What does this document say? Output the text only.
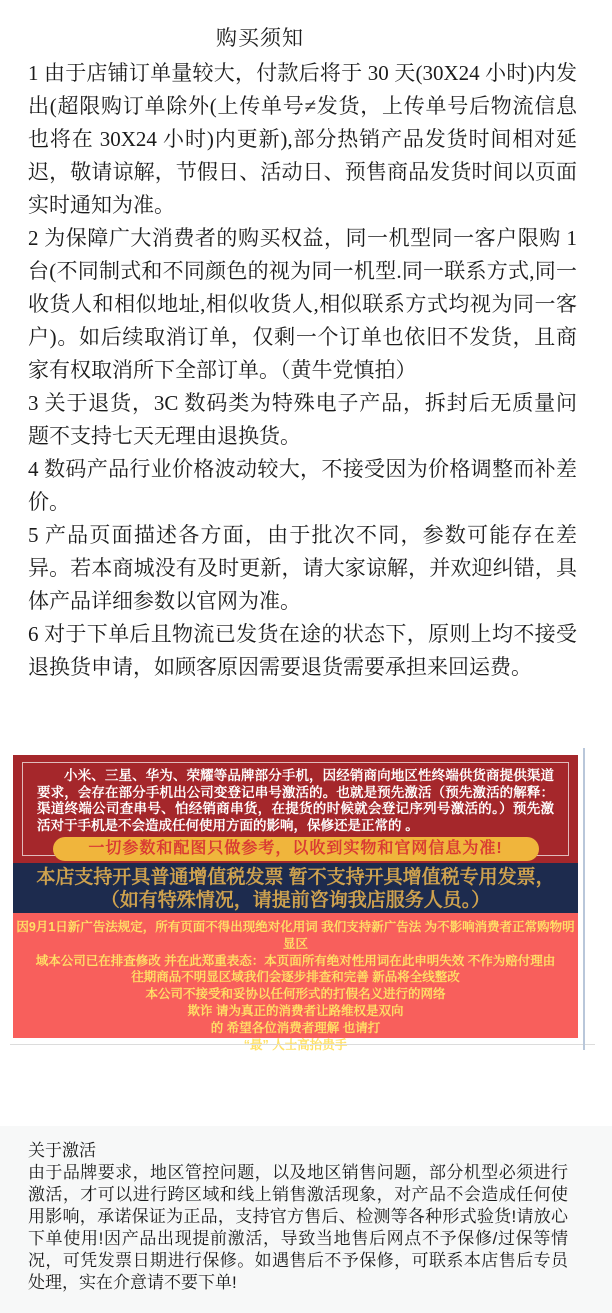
购买须知

1 由于店铺订单量较大，付款后将于 30 天(30X24 小时)内发出(超限购订单除外(上传单号≠发货，上传单号后物流信息也将在 30X24 小时)内更新),部分热销产品发货时间相对延迟，敬请谅解，节假日、活动日、预售商品发货时间以页面实时通知为准。

2 为保障广大消费者的购买权益，同一机型同一客户限购 1 台(不同制式和不同颜色的视为同一机型.同一联系方式,同一收货人和相似地址,相似收货人,相似联系方式均视为同一客户)。如后续取消订单，仅剩一个订单也依旧不发货，且商家有权取消所下全部订单。（黄牛党慎拍）

3 关于退货，3C 数码类为特殊电子产品，拆封后无质量问题不支持七天无理由退换货。

4 数码产品行业价格波动较大，不接受因为价格调整而补差价。

5 产品页面描述各方面，由于批次不同，参数可能存在差异。若本商城没有及时更新，请大家谅解，并欢迎纠错，具体产品详细参数以官网为准。

6 对于下单后且物流已发货在途的状态下，原则上均不接受退换货申请，如顾客原因需要退货需要承担来回运费。

小米、三星、华为、荣耀等品牌部分手机，因经销商向地区性终端供货商提供渠道要求，会存在部分手机出公司变登记串号激活的。也就是预先激活（预先激活的解释：渠道终端公司查串号、怕经销商串货，在提货的时候就会登记序列号激活的。）预先激活对于手机是不会造成任何使用方面的影响，保修还是正常的 。

一切参数和配图只做参考，以收到实物和官网信息为准!
本店支持开具普通增值税发票 暂不支持开具增值税专用发票，
（如有特殊情况，请提前咨询我店服务人员。）
因9月1日新广告法规定，所有页面不得出现绝对化用词 我们支持新广告法 为不影响消费者正常购物明显区
域本公司已在排查修改 并在此郑重表态：本页面所有绝对性用词在此申明失效 不作为赔付理由
往期商品不明显区域我们会逐步排查和完善 新品将全线整改
本公司不接受和妥协以任何形式的打假名义进行的网络
欺诈 请为真正的消费者让路维权是双向
的 希望各位消费者理解 也请打
“最” 人士高抬贵手

关于激活

由于品牌要求，地区管控问题，以及地区销售问题，部分机型必须进行激活，才可以进行跨区域和线上销售激活现象，对产品不会造成任何使用影响，承诺保证为正品，支持官方售后、检测等各种形式验货!请放心下单使用!因产品出现提前激活，导致当地售后网点不予保修/过保等情况，可凭发票日期进行保修。如遇售后不予保修，可联系本店售后专员处理，实在介意请不要下单!
